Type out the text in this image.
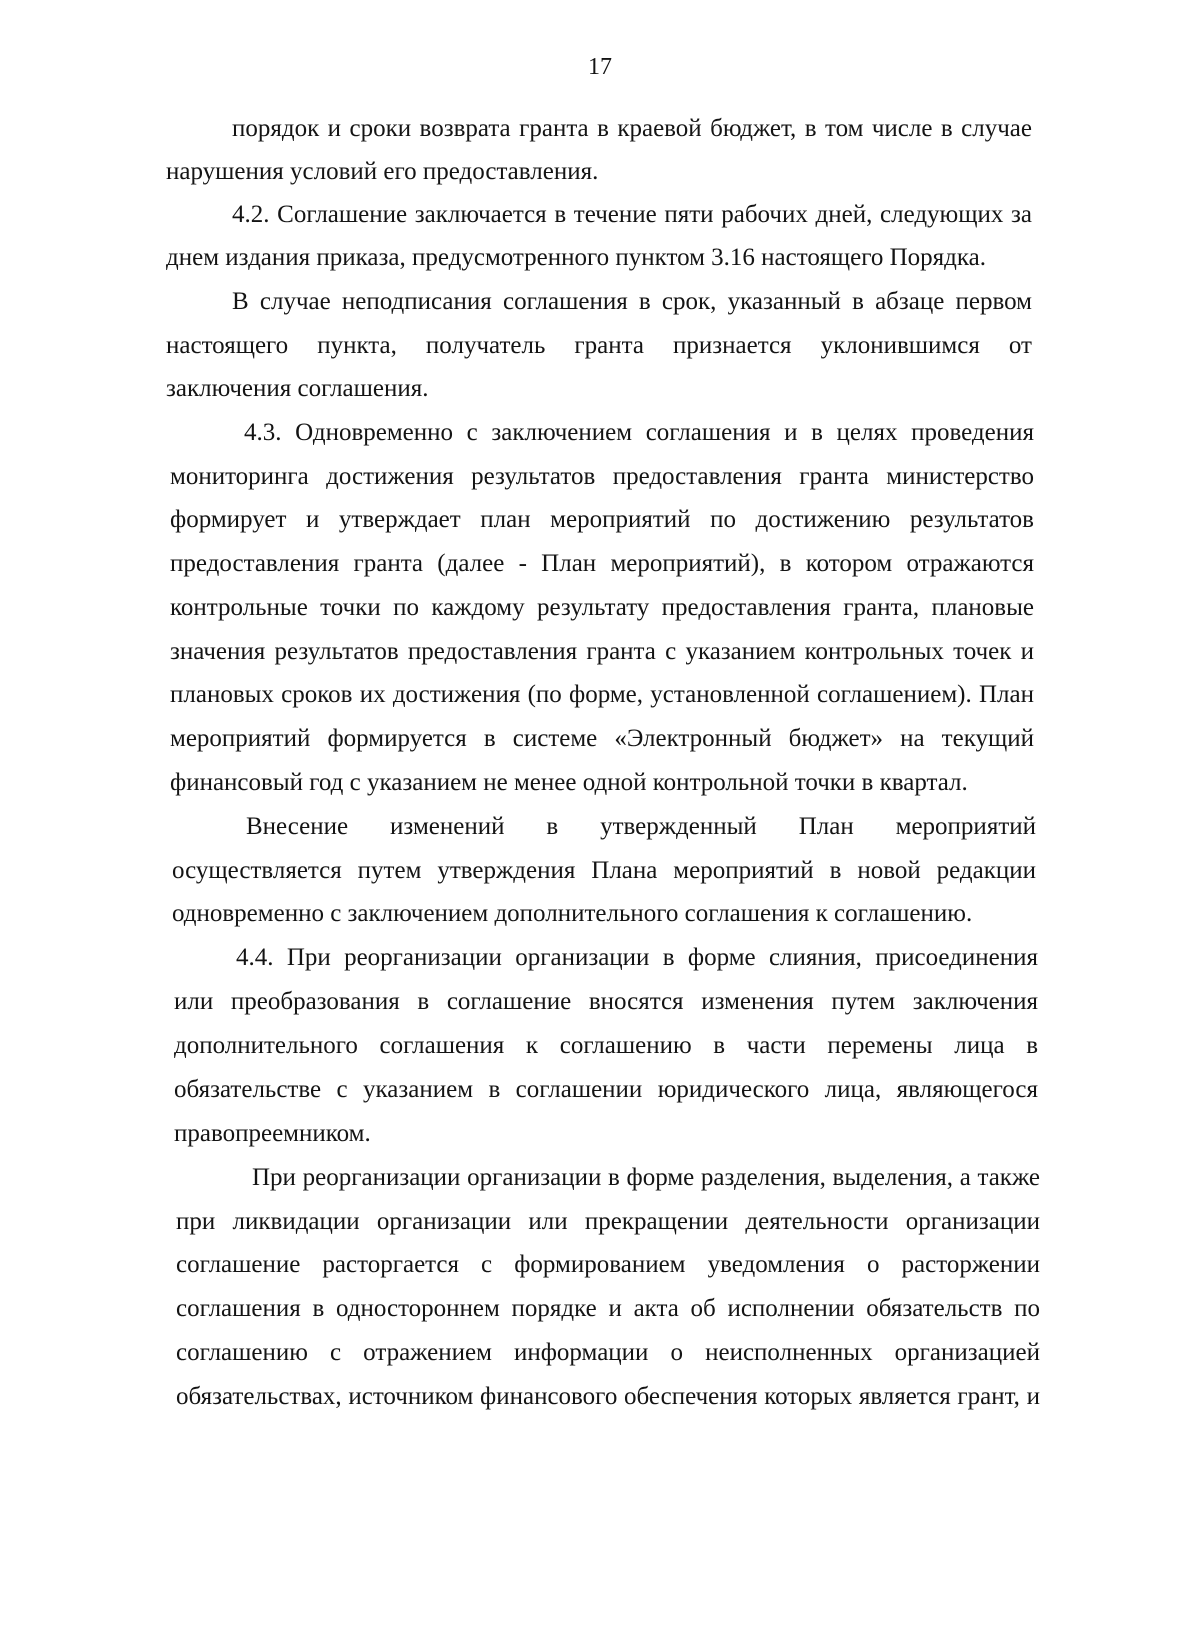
17
порядок и сроки возврата гранта в краевой бюджет, в том числе в случае
нарушения условий его предоставления.
4.2. Соглашение заключается в течение пяти рабочих дней, следующих за
днем издания приказа, предусмотренного пунктом 3.16 настоящего Порядка.
В случае неподписания соглашения в срок, указанный в абзаце первом
настоящего пункта, получатель гранта признается уклонившимся от
заключения соглашения.
4.3. Одновременно с заключением соглашения и в целях проведения
мониторинга достижения результатов предоставления гранта министерство
формирует и утверждает план мероприятий по достижению результатов
предоставления гранта (далее - План мероприятий), в котором отражаются
контрольные точки по каждому результату предоставления гранта, плановые
значения результатов предоставления гранта с указанием контрольных точек и
плановых сроков их достижения (по форме, установленной соглашением). План
мероприятий формируется в системе «Электронный бюджет» на текущий
финансовый год с указанием не менее одной контрольной точки в квартал.
Внесение изменений в утвержденный План мероприятий
осуществляется путем утверждения Плана мероприятий в новой редакции
одновременно с заключением дополнительного соглашения к соглашению.
4.4. При реорганизации организации в форме слияния, присоединения
или преобразования в соглашение вносятся изменения путем заключения
дополнительного соглашения к соглашению в части перемены лица в
обязательстве с указанием в соглашении юридического лица, являющегося
правопреемником.
При реорганизации организации в форме разделения, выделения, а также
при ликвидации организации или прекращении деятельности организации
соглашение расторгается с формированием уведомления о расторжении
соглашения в одностороннем порядке и акта об исполнении обязательств по
соглашению с отражением информации о неисполненных организацией
обязательствах, источником финансового обеспечения которых является грант, и
